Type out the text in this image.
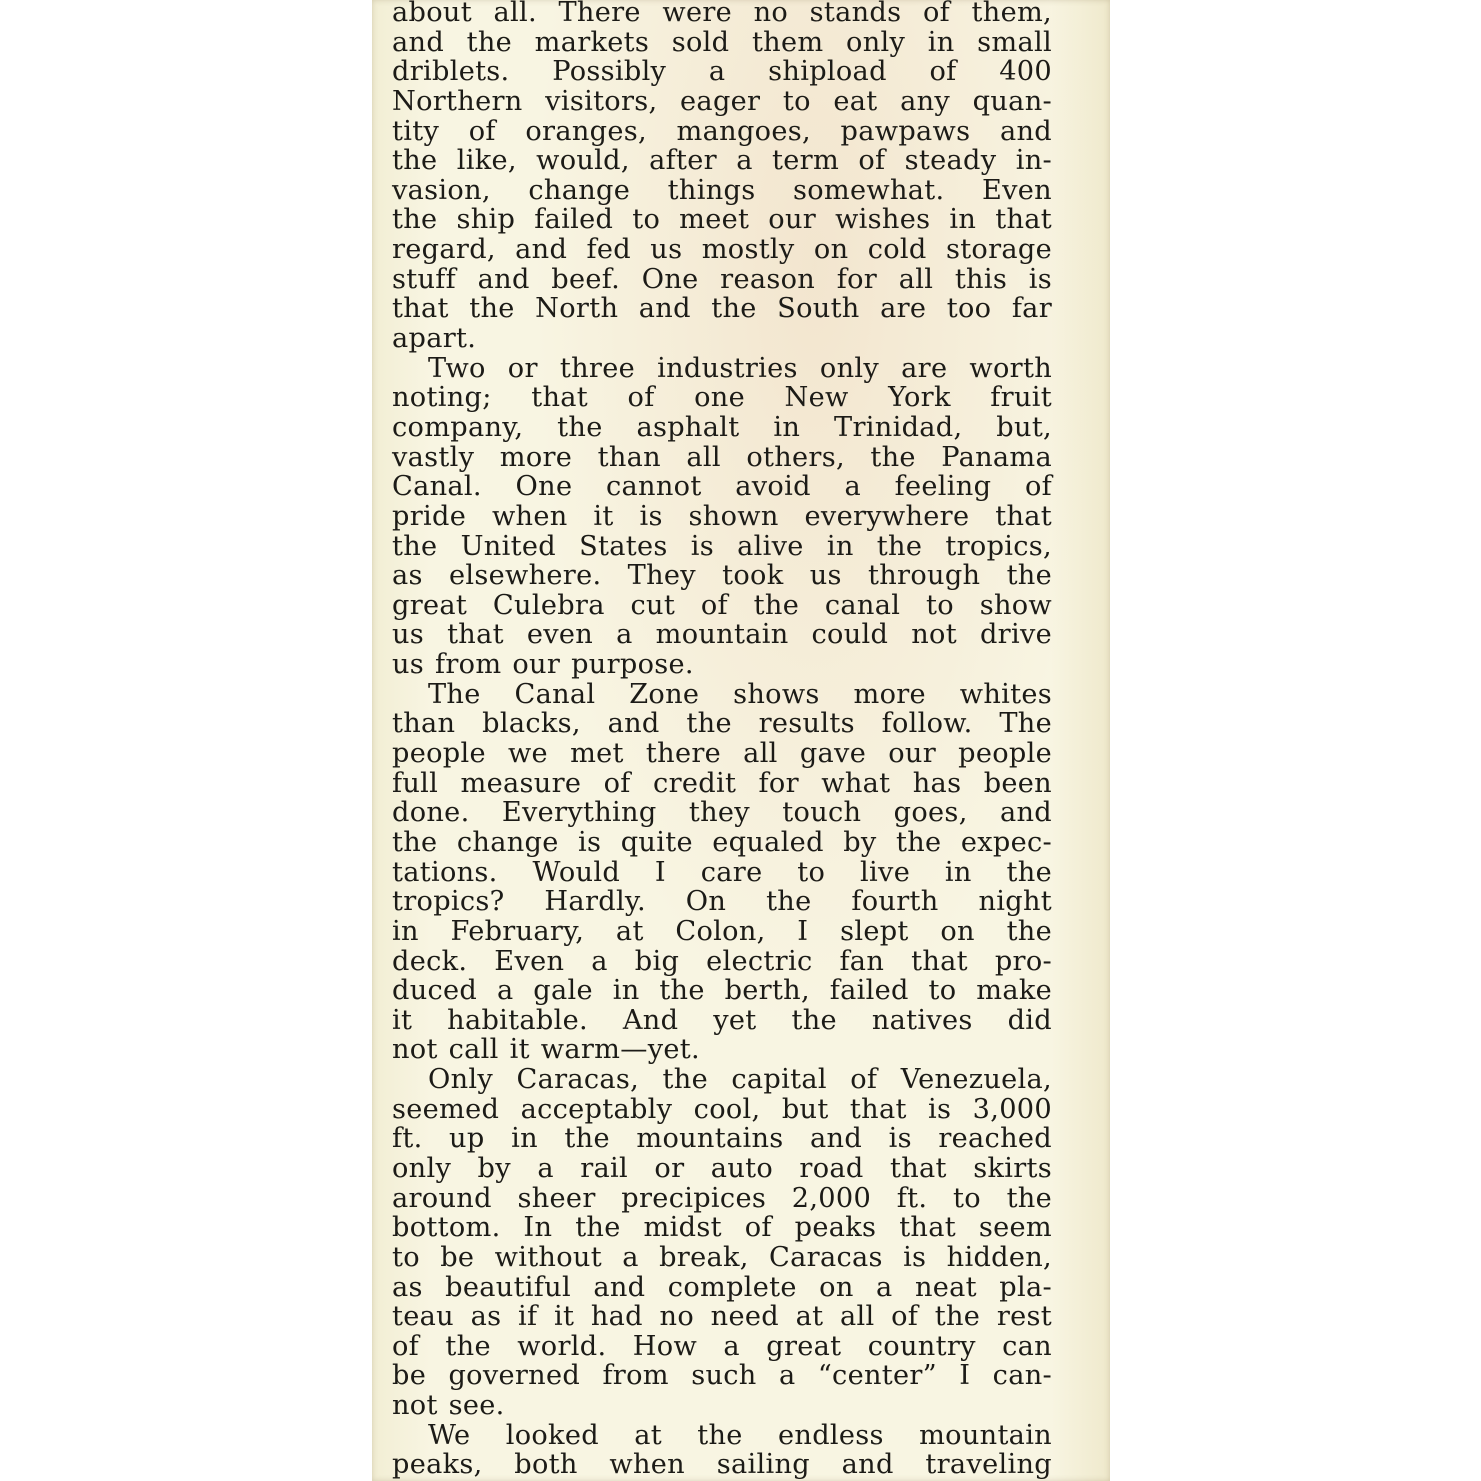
about all. There were no stands of them,
and the markets sold them only in small
driblets. Possibly a shipload of 400
Northern visitors, eager to eat any quan-
tity of oranges, mangoes, pawpaws and
the like, would, after a term of steady in-
vasion, change things somewhat. Even
the ship failed to meet our wishes in that
regard, and fed us mostly on cold storage
stuff and beef. One reason for all this is
that the North and the South are too far
apart.
Two or three industries only are worth
noting; that of one New York fruit
company, the asphalt in Trinidad, but,
vastly more than all others, the Panama
Canal. One cannot avoid a feeling of
pride when it is shown everywhere that
the United States is alive in the tropics,
as elsewhere. They took us through the
great Culebra cut of the canal to show
us that even a mountain could not drive
us from our purpose.
The Canal Zone shows more whites
than blacks, and the results follow. The
people we met there all gave our people
full measure of credit for what has been
done. Everything they touch goes, and
the change is quite equaled by the expec-
tations. Would I care to live in the
tropics? Hardly. On the fourth night
in February, at Colon, I slept on the
deck. Even a big electric fan that pro-
duced a gale in the berth, failed to make
it habitable. And yet the natives did
not call it warm—yet.
Only Caracas, the capital of Venezuela,
seemed acceptably cool, but that is 3,000
ft. up in the mountains and is reached
only by a rail or auto road that skirts
around sheer precipices 2,000 ft. to the
bottom. In the midst of peaks that seem
to be without a break, Caracas is hidden,
as beautiful and complete on a neat pla-
teau as if it had no need at all of the rest
of the world. How a great country can
be governed from such a “center” I can-
not see.
We looked at the endless mountain
peaks, both when sailing and traveling
